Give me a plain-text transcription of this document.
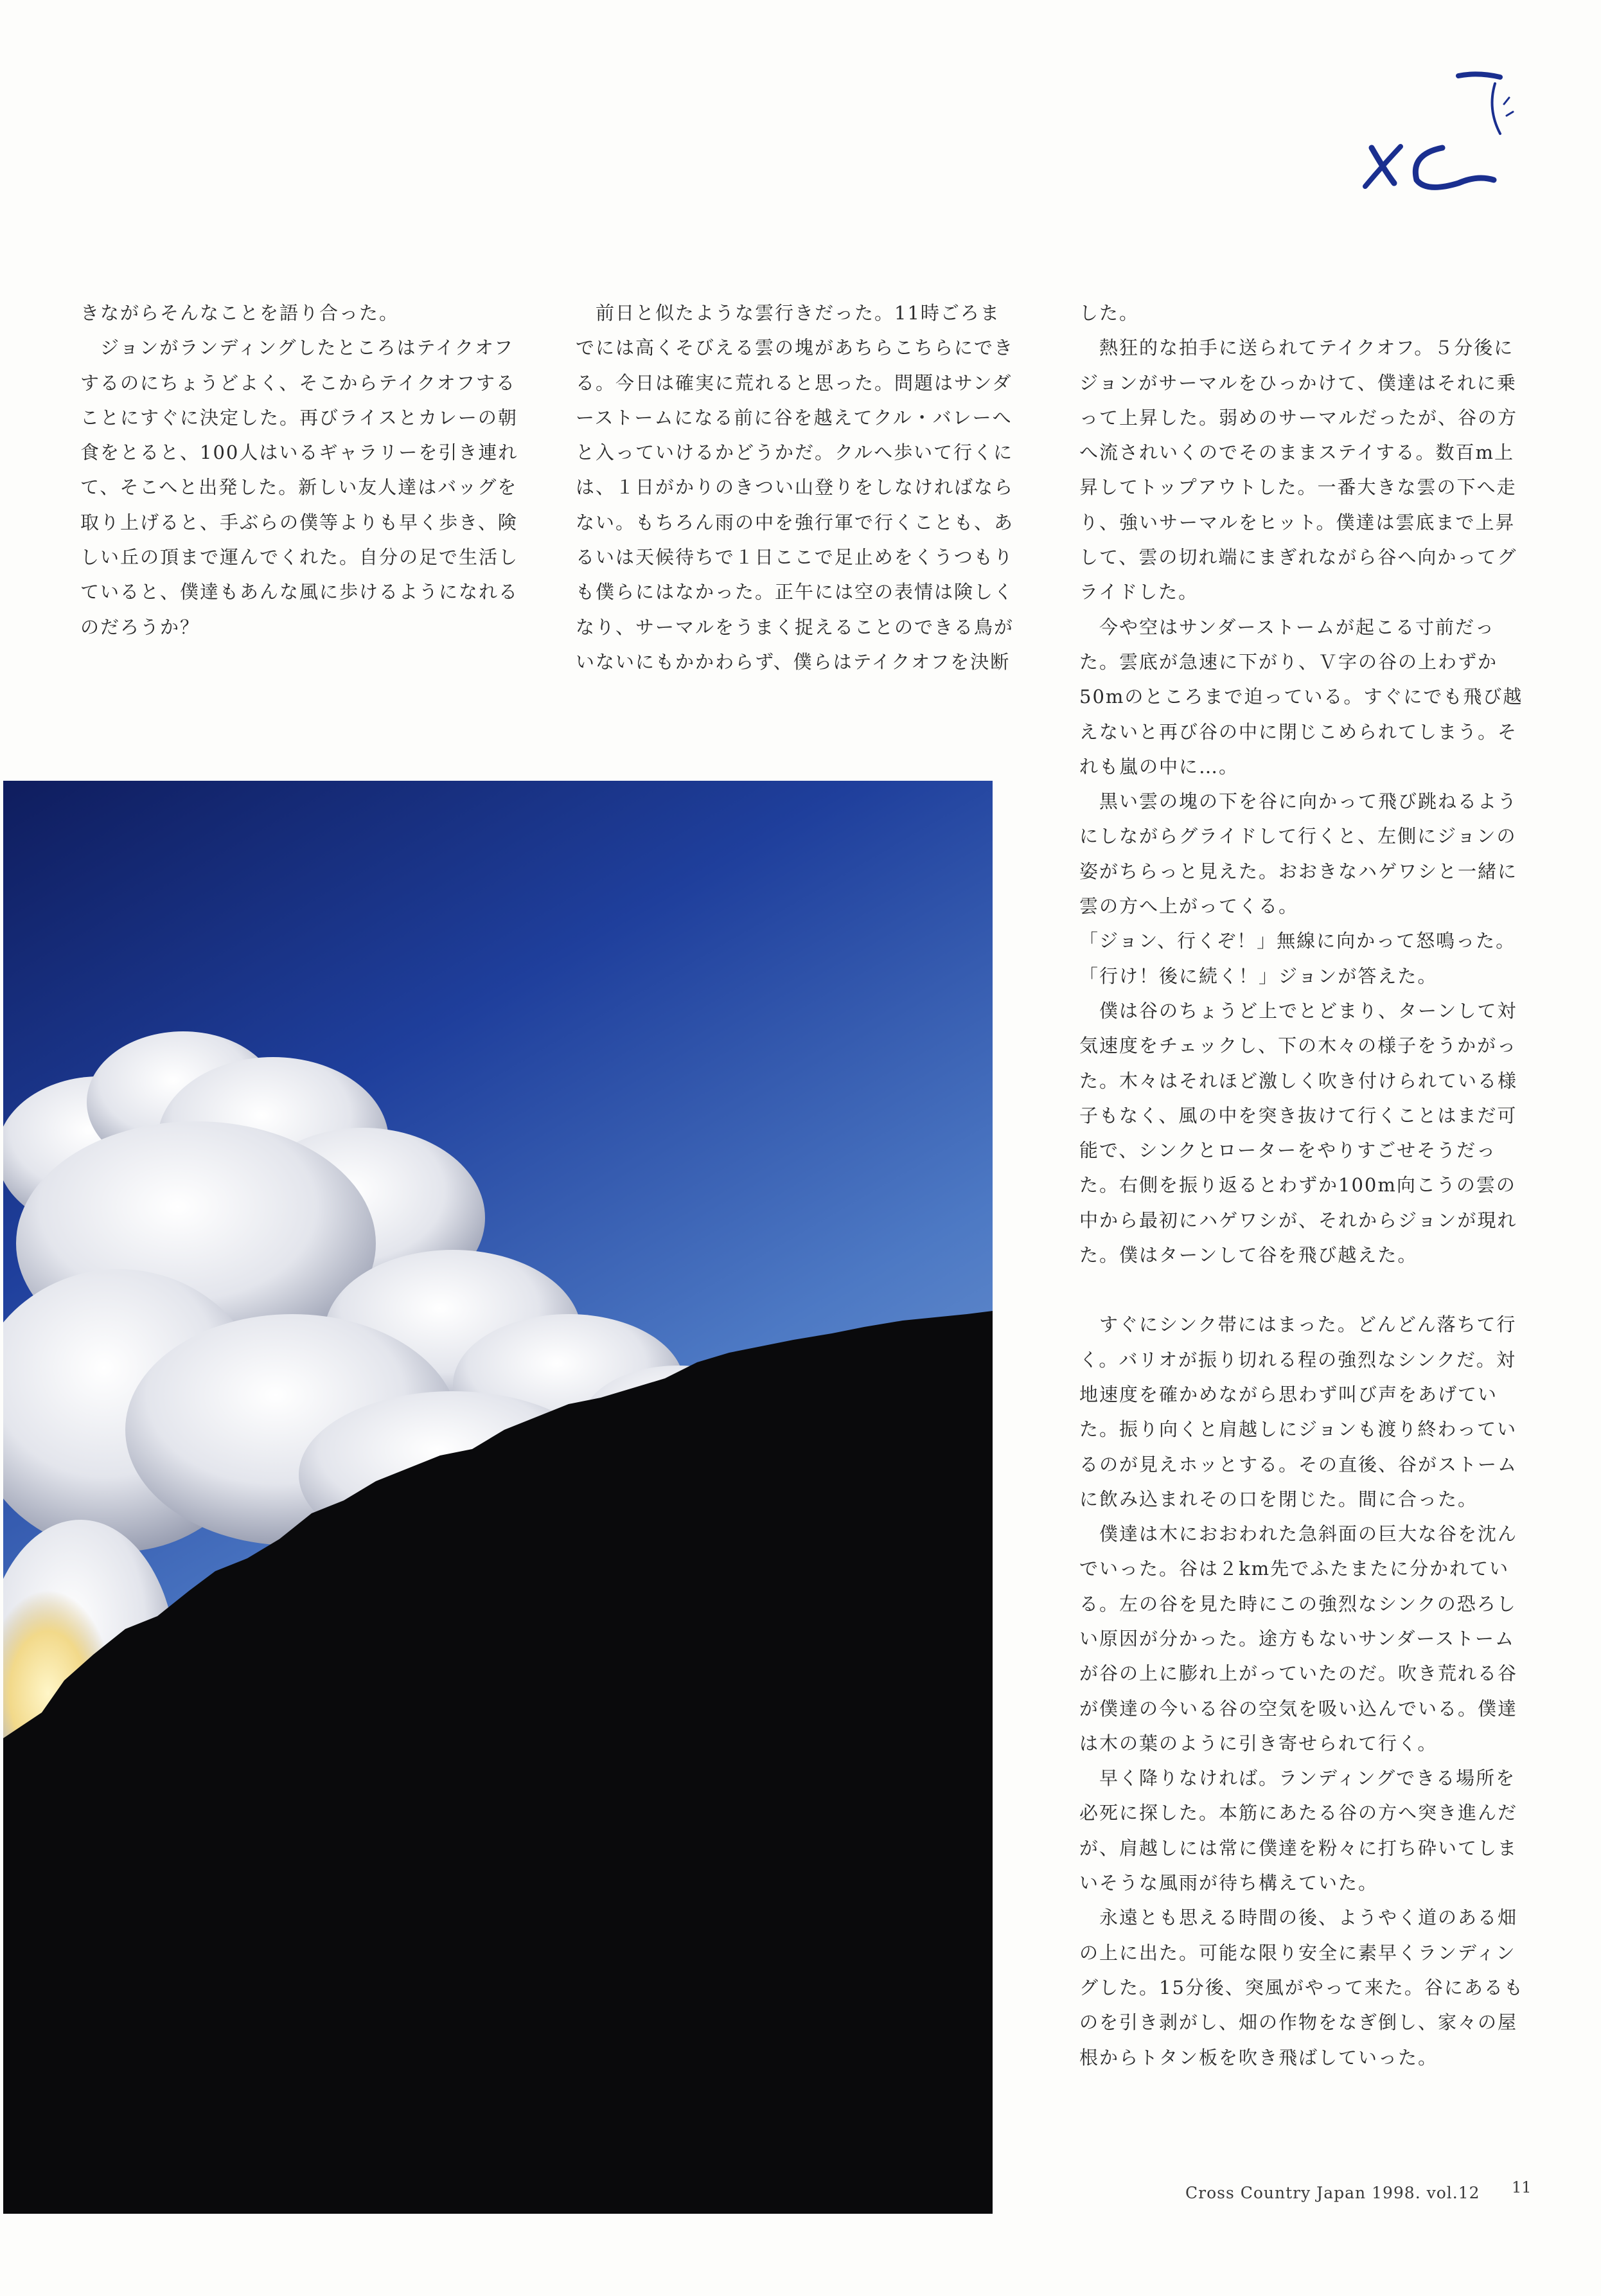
きながらそんなことを語り合った。

　ジョンがランディングしたところはテイクオフするのにちょうどよく、そこからテイクオフすることにすぐに決定した。再びライスとカレーの朝食をとると、100人はいるギャラリーを引き連れて、そこへと出発した。新しい友人達はバッグを取り上げると、手ぶらの僕等よりも早く歩き、険しい丘の頂まで運んでくれた。自分の足で生活していると、僕達もあんな風に歩けるようになれるのだろうか？

　前日と似たような雲行きだった。11時ごろまでには高くそびえる雲の塊があちらこちらにできる。今日は確実に荒れると思った。問題はサンダーストームになる前に谷を越えてクル・バレーへと入っていけるかどうかだ。クルへ歩いて行くには、１日がかりのきつい山登りをしなければならない。もちろん雨の中を強行軍で行くことも、あるいは天候待ちで１日ここで足止めをくうつもりも僕らにはなかった。正午には空の表情は険しくなり、サーマルをうまく捉えることのできる鳥がいないにもかかわらず、僕らはテイクオフを決断

した。

　熱狂的な拍手に送られてテイクオフ。５分後にジョンがサーマルをひっかけて、僕達はそれに乗って上昇した。弱めのサーマルだったが、谷の方へ流されいくのでそのままステイする。数百m上昇してトップアウトした。一番大きな雲の下へ走り、強いサーマルをヒット。僕達は雲底まで上昇して、雲の切れ端にまぎれながら谷へ向かってグライドした。

　今や空はサンダーストームが起こる寸前だった。雲底が急速に下がり、Ｖ字の谷の上わずか50mのところまで迫っている。すぐにでも飛び越えないと再び谷の中に閉じこめられてしまう。それも嵐の中に…。

　黒い雲の塊の下を谷に向かって飛び跳ねるようにしながらグライドして行くと、左側にジョンの姿がちらっと見えた。おおきなハゲワシと一緒に雲の方へ上がってくる。

「ジョン、行くぞ！」無線に向かって怒鳴った。

「行け！後に続く！」ジョンが答えた。

　僕は谷のちょうど上でとどまり、ターンして対気速度をチェックし、下の木々の様子をうかがった。木々はそれほど激しく吹き付けられている様子もなく、風の中を突き抜けて行くことはまだ可能で、シンクとローターをやりすごせそうだった。右側を振り返るとわずか100m向こうの雲の中から最初にハゲワシが、それからジョンが現れた。僕はターンして谷を飛び越えた。

　すぐにシンク帯にはまった。どんどん落ちて行く。バリオが振り切れる程の強烈なシンクだ。対地速度を確かめながら思わず叫び声をあげていた。振り向くと肩越しにジョンも渡り終わっているのが見えホッとする。その直後、谷がストームに飲み込まれその口を閉じた。間に合った。

　僕達は木におおわれた急斜面の巨大な谷を沈んでいった。谷は２km先でふたまたに分かれている。左の谷を見た時にこの強烈なシンクの恐ろしい原因が分かった。途方もないサンダーストームが谷の上に膨れ上がっていたのだ。吹き荒れる谷が僕達の今いる谷の空気を吸い込んでいる。僕達は木の葉のように引き寄せられて行く。

　早く降りなければ。ランディングできる場所を必死に探した。本筋にあたる谷の方へ突き進んだが、肩越しには常に僕達を粉々に打ち砕いてしまいそうな風雨が待ち構えていた。

　永遠とも思える時間の後、ようやく道のある畑の上に出た。可能な限り安全に素早くランディングした。15分後、突風がやって来た。谷にあるものを引き剥がし、畑の作物をなぎ倒し、家々の屋根からトタン板を吹き飛ばしていった。

Cross Country Japan 1998. vol.12 11
